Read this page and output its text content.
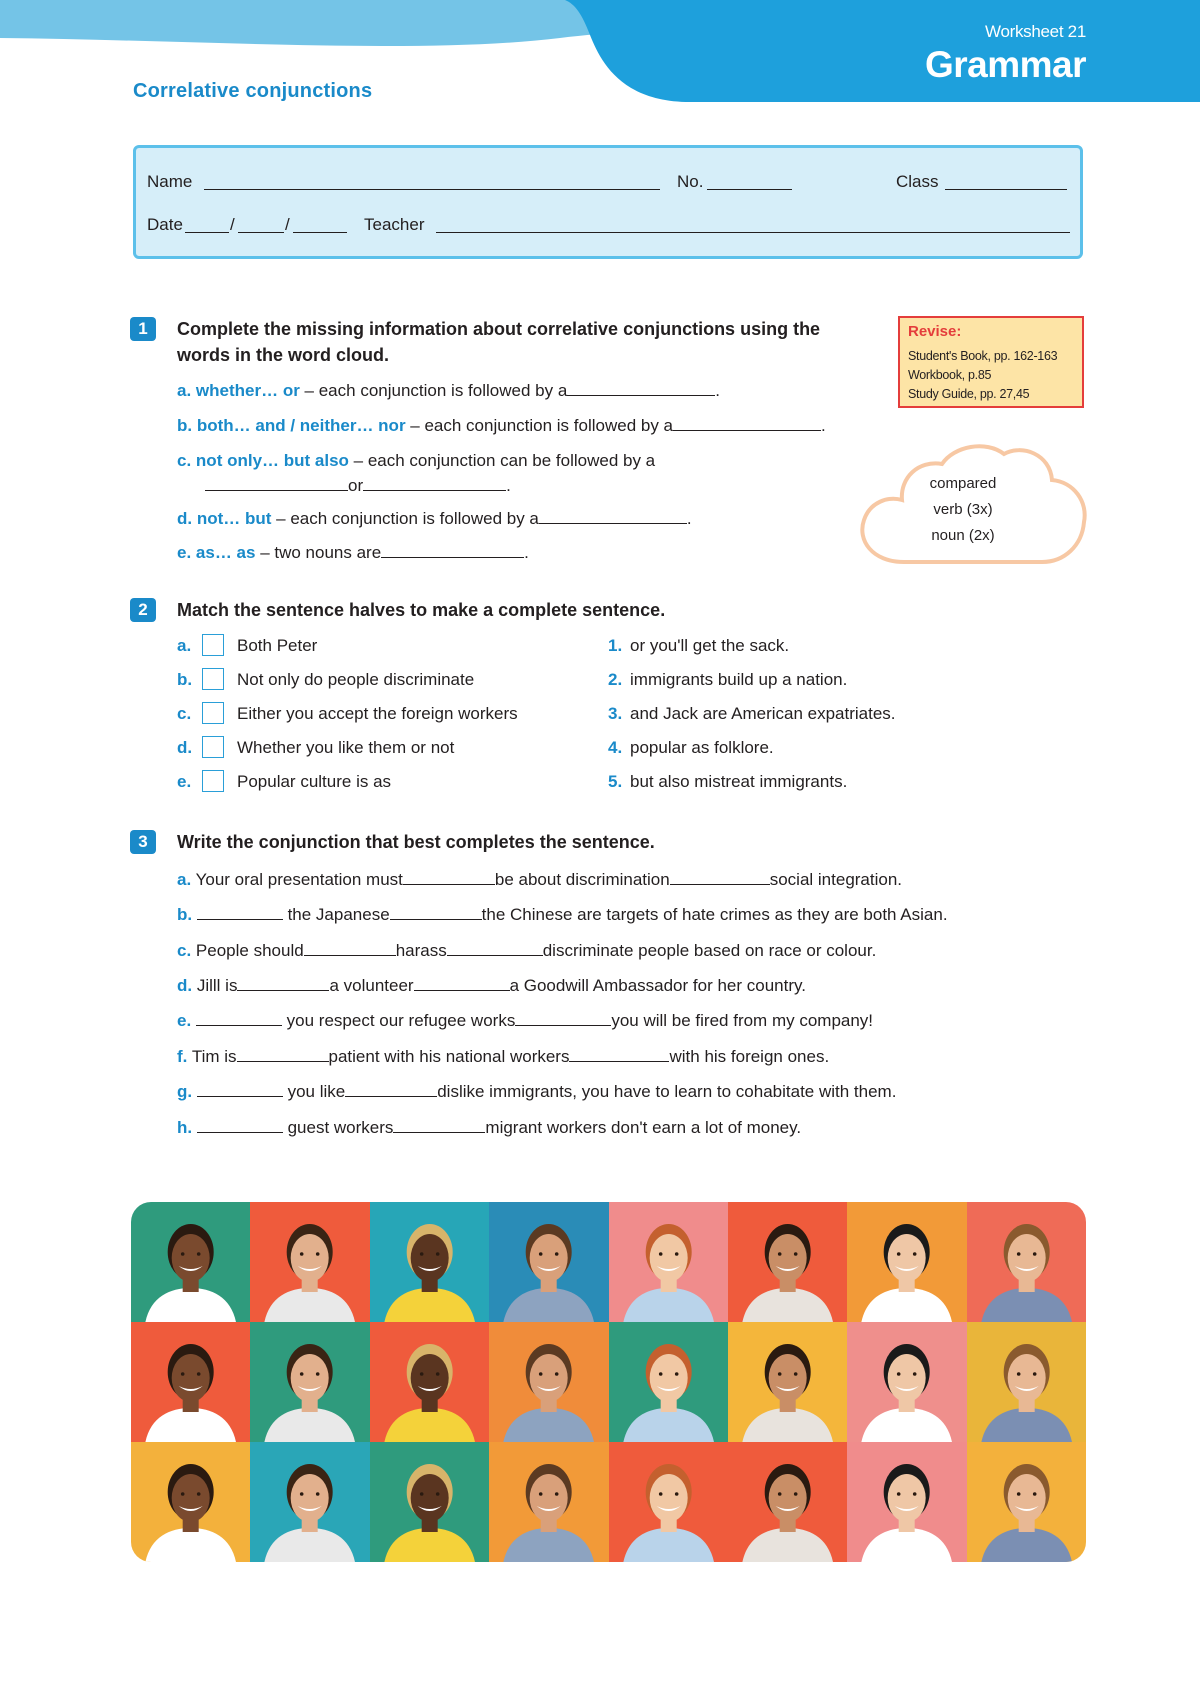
Worksheet 21
Grammar
Correlative conjunctions
Name	No.	Class
Date	/	/	Teacher
Revise:
Student's Book, pp. 162-163
Workbook, p.85
Study Guide, pp. 27,45
compared
verb (3x)
noun (2x)
1	Complete the missing information about correlative conjunctions using the
words in the word cloud.
a. whether… or – each conjunction is followed by a	.
b. both… and / neither… nor – each conjunction is followed by a	.
c. not only… but also – each conjunction can be followed by a
or	.
d. not… but – each conjunction is followed by a	.
e. as… as – two nouns are	.
2	Match the sentence halves to make a complete sentence.
a.	Both Peter
b.	Not only do people discriminate
c.	Either you accept the foreign workers
d.	Whether you like them or not
e.	Popular culture is as
1. or you'll get the sack.
2. immigrants build up a nation.
3. and Jack are American expatriates.
4. popular as folklore.
5. but also mistreat immigrants.
3	Write the conjunction that best completes the sentence.
a. Your oral presentation must	be about discrimination	social integration.
b.	the Japanese	the Chinese are targets of hate crimes as they are both Asian.
c. People should	harass	discriminate people based on race or colour.
d. Jilll is	a volunteer	a Goodwill Ambassador for her country.
e.	you respect our refugee works	you will be fired from my company!
f. Tim is	patient with his national workers	with his foreign ones.
g.	you like	dislike immigrants, you have to learn to cohabitate with them.
h.	guest workers	migrant workers don't earn a lot of money.
